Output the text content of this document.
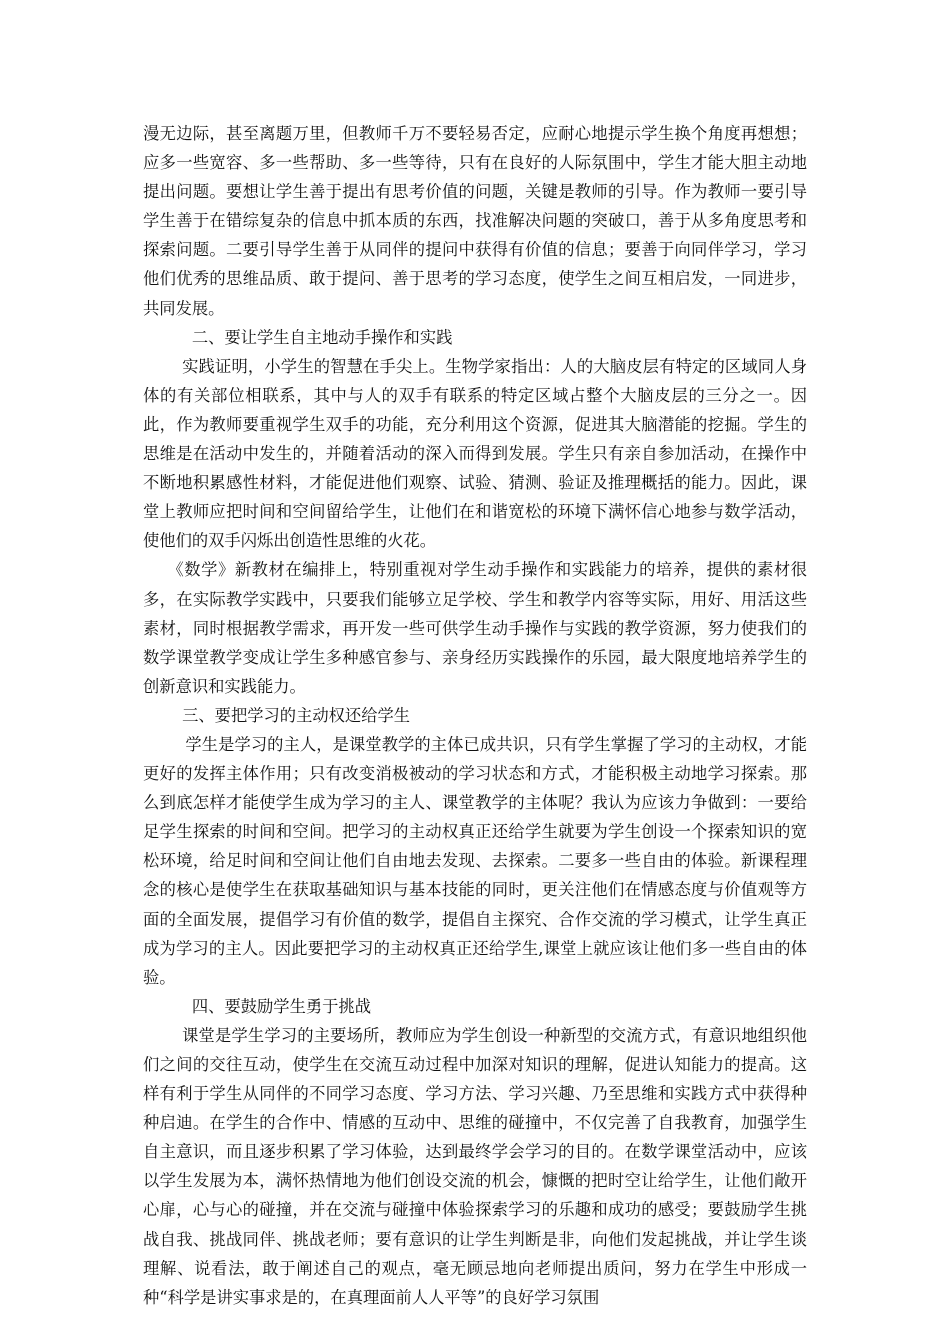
漫无边际，甚至离题万里，但教师千万不要轻易否定，应耐心地提示学生换个角度再想想；应多一些宽容、多一些帮助、多一些等待，只有在良好的人际氛围中，学生才能大胆主动地提出问题。要想让学生善于提出有思考价值的问题，关键是教师的引导。作为教师一要引导学生善于在错综复杂的信息中抓本质的东西，找准解决问题的突破口，善于从多角度思考和探索问题。二要引导学生善于从同伴的提问中获得有价值的信息；要善于向同伴学习，学习他们优秀的思维品质、敢于提问、善于思考的学习态度，使学生之间互相启发，一同进步，共同发展。

二、要让学生自主地动手操作和实践

实践证明，小学生的智慧在手尖上。生物学家指出：人的大脑皮层有特定的区域同人身体的有关部位相联系，其中与人的双手有联系的特定区域占整个大脑皮层的三分之一。因此，作为教师要重视学生双手的功能，充分利用这个资源，促进其大脑潜能的挖掘。学生的思维是在活动中发生的，并随着活动的深入而得到发展。学生只有亲自参加活动，在操作中不断地积累感性材料，才能促进他们观察、试验、猜测、验证及推理概括的能力。因此，课堂上教师应把时间和空间留给学生，让他们在和谐宽松的环境下满怀信心地参与数学活动，使他们的双手闪烁出创造性思维的火花。

《数学》新教材在编排上，特别重视对学生动手操作和实践能力的培养，提供的素材很多，在实际教学实践中，只要我们能够立足学校、学生和教学内容等实际，用好、用活这些素材，同时根据教学需求，再开发一些可供学生动手操作与实践的教学资源，努力使我们的数学课堂教学变成让学生多种感官参与、亲身经历实践操作的乐园，最大限度地培养学生的创新意识和实践能力。

三、要把学习的主动权还给学生

学生是学习的主人，是课堂教学的主体已成共识，只有学生掌握了学习的主动权，才能更好的发挥主体作用；只有改变消极被动的学习状态和方式，才能积极主动地学习探索。那么到底怎样才能使学生成为学习的主人、课堂教学的主体呢？我认为应该力争做到：一要给足学生探索的时间和空间。把学习的主动权真正还给学生就要为学生创设一个探索知识的宽松环境，给足时间和空间让他们自由地去发现、去探索。二要多一些自由的体验。新课程理念的核心是使学生在获取基础知识与基本技能的同时，更关注他们在情感态度与价值观等方面的全面发展，提倡学习有价值的数学，提倡自主探究、合作交流的学习模式，让学生真正成为学习的主人。因此要把学习的主动权真正还给学生,课堂上就应该让他们多一些自由的体验。

四、要鼓励学生勇于挑战

课堂是学生学习的主要场所，教师应为学生创设一种新型的交流方式，有意识地组织他们之间的交往互动，使学生在交流互动过程中加深对知识的理解，促进认知能力的提高。这样有利于学生从同伴的不同学习态度、学习方法、学习兴趣、乃至思维和实践方式中获得种种启迪。在学生的合作中、情感的互动中、思维的碰撞中，不仅完善了自我教育，加强学生自主意识，而且逐步积累了学习体验，达到最终学会学习的目的。在数学课堂活动中，应该以学生发展为本，满怀热情地为他们创设交流的机会，慷慨的把时空让给学生，让他们敞开心扉，心与心的碰撞，并在交流与碰撞中体验探索学习的乐趣和成功的感受；要鼓励学生挑战自我、挑战同伴、挑战老师；要有意识的让学生判断是非，向他们发起挑战，并让学生谈理解、说看法，敢于阐述自己的观点，毫无顾忌地向老师提出质问，努力在学生中形成一种“科学是讲实事求是的，在真理面前人人平等”的良好学习氛围
